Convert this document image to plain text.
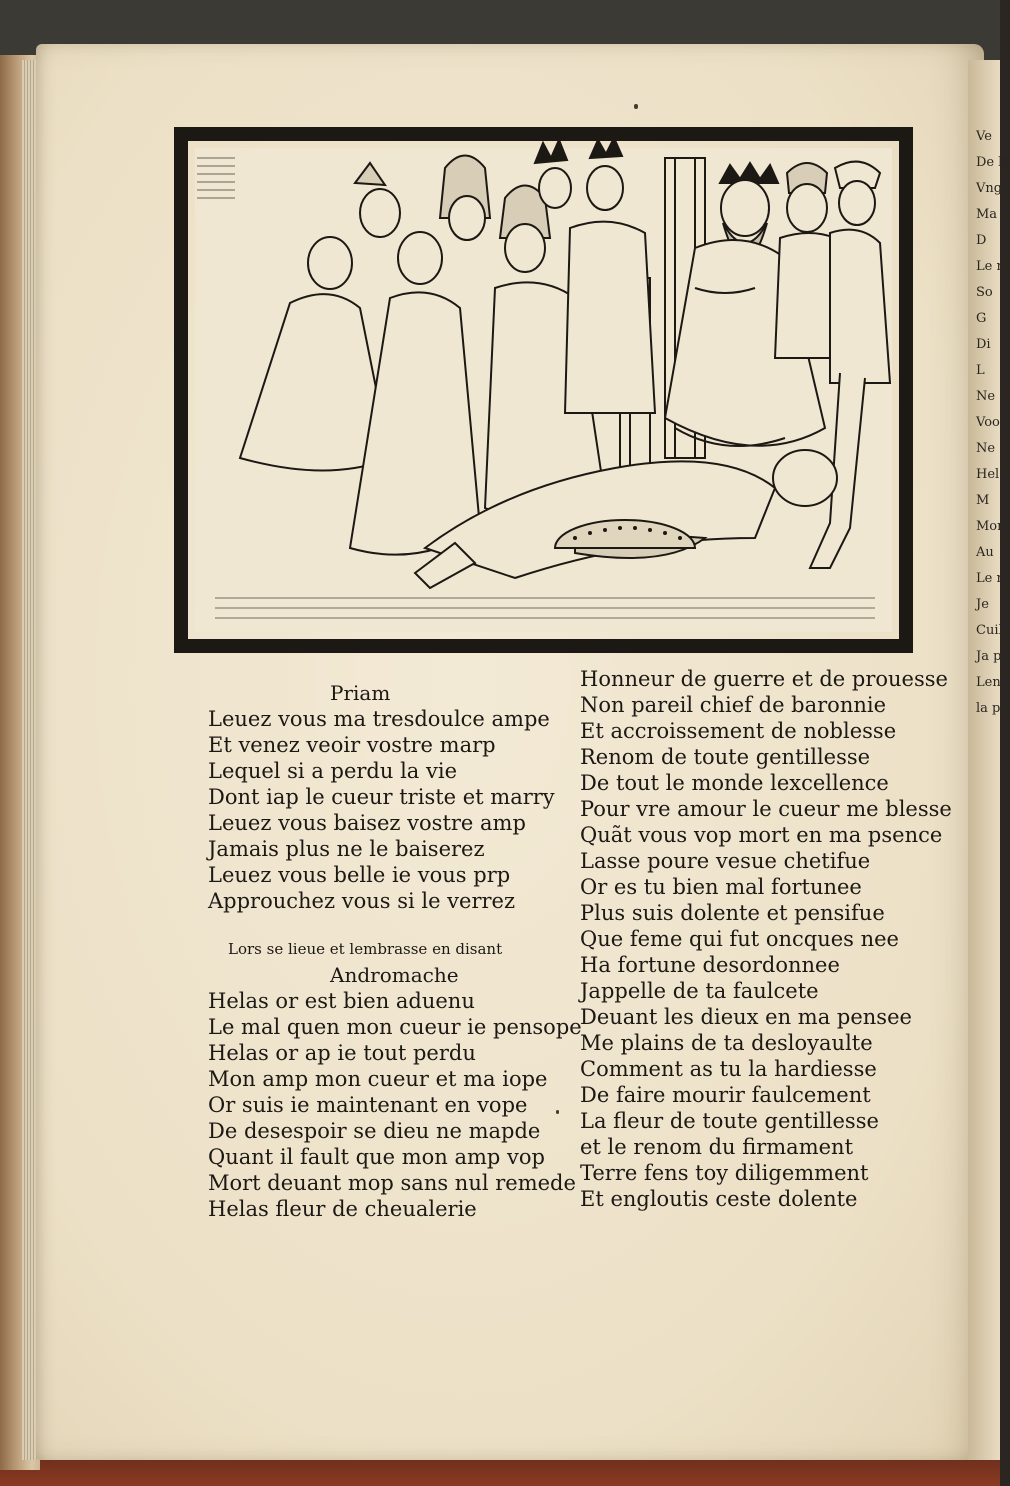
Ve
De la
Vng
Ma
D
Le n
So
G
Di
L
Ne
Voo
Ne
Hel
M
Mon
Au
Le n
Je
Cuil
Ja p
Len
la p
Priam
Leuez vous ma tresdoulce ampe
Et venez veoir vostre marp
Lequel si a perdu la vie
Dont iap le cueur triste et marry
Leuez vous baisez vostre amp
Jamais plus ne le baiserez
Leuez vous belle ie vous prp
Approuchez vous si le verrez
Lors se lieue et lembrasse en disant
Andromache
Helas or est bien aduenu
Le mal quen mon cueur ie pensope
Helas or ap ie tout perdu
Mon amp mon cueur et ma iope
Or suis ie maintenant en vope
De desespoir se dieu ne mapde
Quant il fault que mon amp vop
Mort deuant mop sans nul remede
Helas fleur de cheualerie
Honneur de guerre et de prouesse
Non pareil chief de baronnie
Et accroissement de noblesse
Renom de toute gentillesse
De tout le monde lexcellence
Pour vre amour le cueur me blesse
Quãt vous vop mort en ma psence
Lasse poure vesue chetifue
Or es tu bien mal fortunee
Plus suis dolente et pensifue
Que feme qui fut oncques nee
Ha fortune desordonnee
Jappelle de ta faulcete
Deuant les dieux en ma pensee
Me plains de ta desloyaulte
Comment as tu la hardiesse
De faire mourir faulcement
La fleur de toute gentillesse
et le renom du firmament
Terre fens toy diligemment
Et engloutis ceste dolente
